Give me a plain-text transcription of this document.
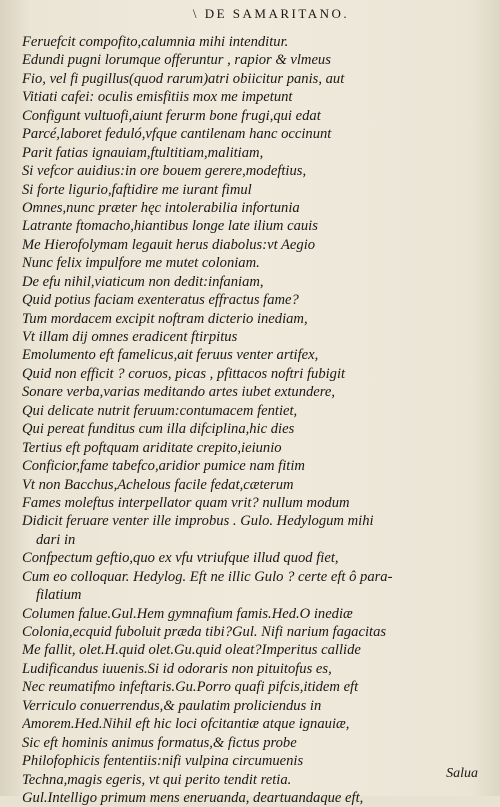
\ DE SAMARITANO.
Feruefcit compofito,calumnia mihi intenditur.
Edundi pugni lorumque offeruntur , rapior & vlmeus
Fio, vel fi pugillus(quod rarum)atri obiicitur panis, aut
Vitiati cafei: oculis emisfitiis mox me impetunt
Configunt vultuofi,aiunt ferurm bone frugi,qui edat
Parcé,laboret feduló,vfque cantilenam hanc occinunt
Parit fatias ignauiam,ftultitiam,malitiam,
Si vefcor auidius:in ore bouem gerere,modeftius,
Si forte ligurio,faftidire me iurant fimul
Omnes,nunc præter hęc intolerabilia infortunia
Latrante ftomacho,hiantibus longe late ilium cauis
Me Hierofolymam legauit herus diabolus:vt Aegio
Nunc felix impulfore me mutet coloniam.
De efu nihil,viaticum non dedit:infaniam,
Quid potius faciam exenteratus effractus fame?
Tum mordacem excipit noftram dicterio inediam,
Vt illam dij omnes eradicent ftirpitus
Emolumento eft famelicus,ait feruus venter artifex,
Quid non efficit ? coruos, picas , pfittacos noftri fubigit
Sonare verba,varias meditando artes iubet extundere,
Qui delicate nutrit feruum:contumacem fentiet,
Qui pereat funditus cum illa difciplina,hic dies
Tertius eft poftquam ariditate crepito,ieiunio
Conficior,fame tabefco,aridior pumice nam fitim
Vt non Bacchus,Achelous facile fedat,cæterum
Fames moleftus interpellator quam vrit? nullum modum
Didicit feruare venter ille improbus . Gulo. Hedylogum mihi
dari in
Confpectum geftio,quo ex vfu vtriufque illud quod fiet,
Cum eo colloquar. Hedylog. Eft ne illic Gulo ? certe eft ô para-
filatium
Columen falue.Gul.Hem gymnafium famis.Hed.O inediæ
Colonia,ecquid fuboluit præda tibi?Gul. Nifi narium fagacitas
Me fallit, olet.H.quid olet.Gu.quid oleat?Imperitus callide
Ludificandus iuuenis.Si id odoraris non pituitofus es,
Nec reumatifmo infeftaris.Gu.Porro quafi pifcis,itidem eft
Verriculo conuerrendus,& paulatim proliciendus in
Amorem.Hed.Nihil eft hic loci ofcitantiæ atque ignauiæ,
Sic eft hominis animus formatus,& fictus probe
Philofophicis fententiis:nifi vulpina circumuenis
Techna,magis egeris, vt qui perito tendit retia.
Gul.Intelligo primum mens eneruanda, deartuandaque eft,
Salua
